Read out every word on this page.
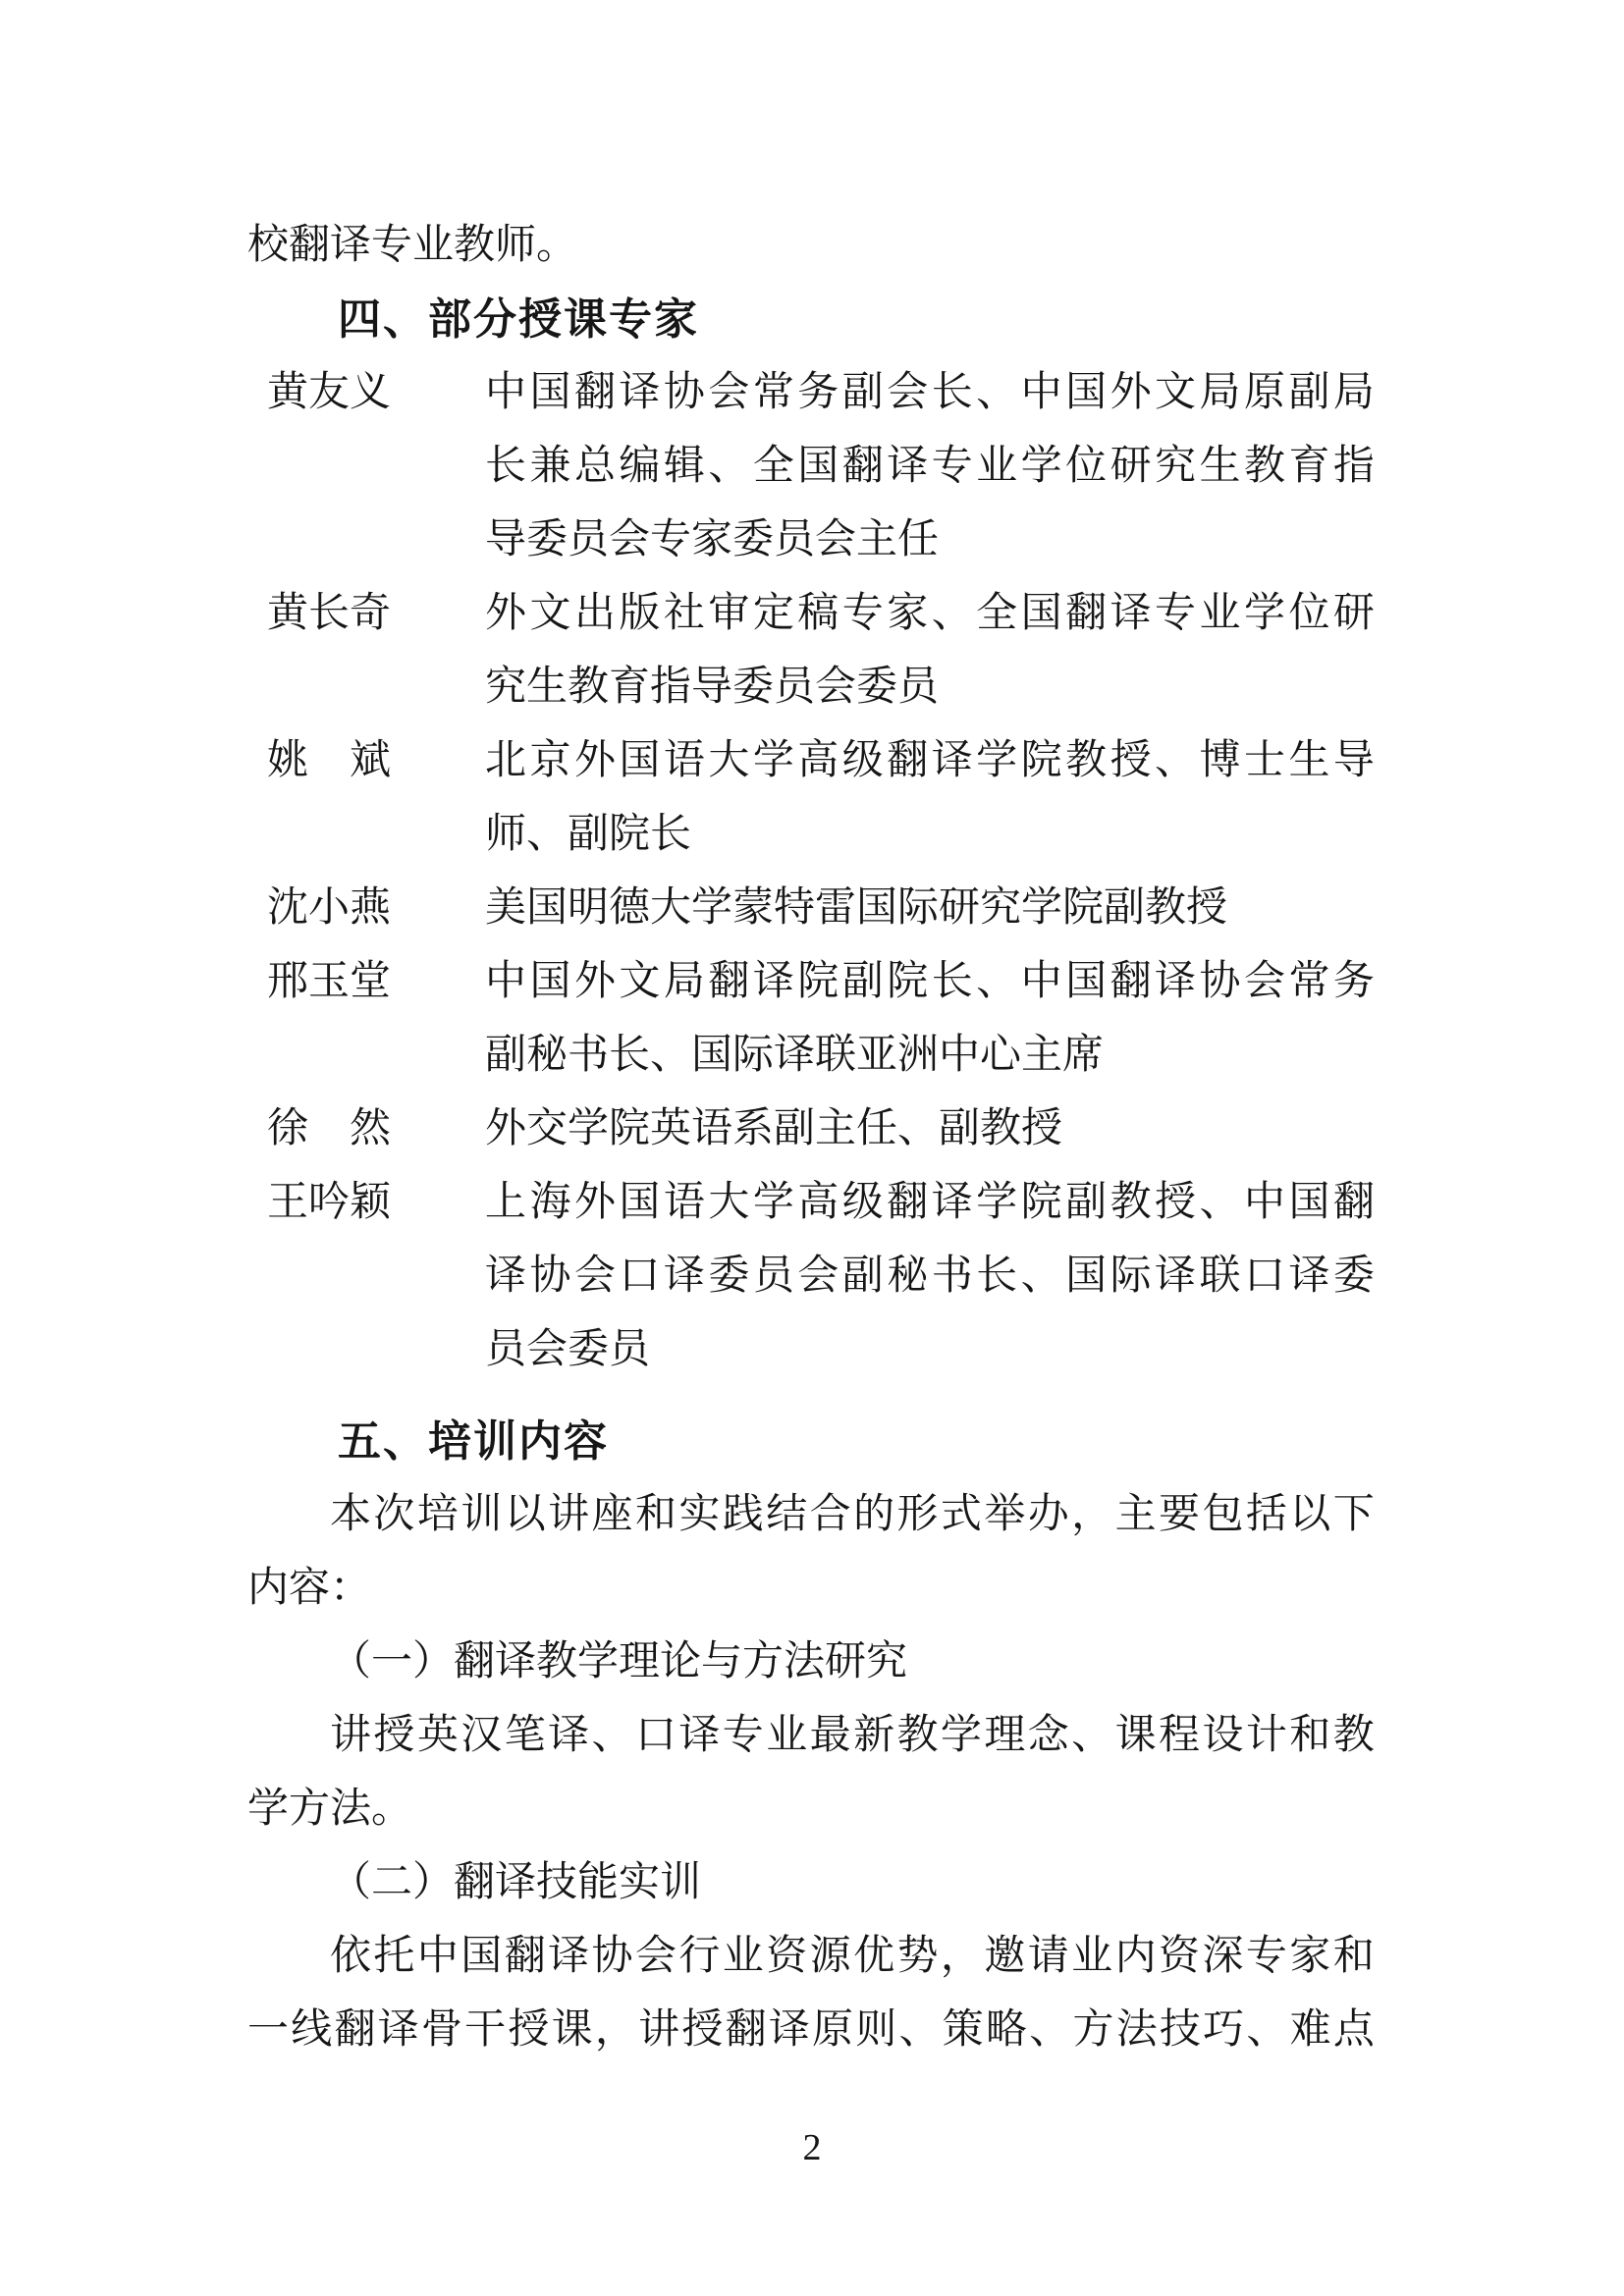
校翻译专业教师。
四、部分授课专家
黄友义 中 国 翻 译 协 会 常 务 副 会 长 、 中 国 外 文 局 原 副 局
长 兼 总 编 辑 、 全 国 翻 译 专 业 学 位 研 究 生 教 育 指
导委员会专家委员会主任
黄长奇 外 文 出 版 社 审 定 稿 专 家 、 全 国 翻 译 专 业 学 位 研
究生教育指导委员会委员
姚　斌 北 京 外 国 语 大 学 高 级 翻 译 学 院 教 授 、 博 士 生 导
师、副院长
沈小燕 美国明德大学蒙特雷国际研究学院副教授
邢玉堂 中 国 外 文 局 翻 译 院 副 院 长 、 中 国 翻 译 协 会 常 务
副秘书长、国际译联亚洲中心主席
徐　然 外交学院英语系副主任、副教授
王吟颖 上 海 外 国 语 大 学 高 级 翻 译 学 院 副 教 授 、 中 国 翻
译 协 会 口 译 委 员 会 副 秘 书 长 、 国 际 译 联 口 译 委
员会委员
五、培训内容
本 次 培 训 以 讲 座 和 实 践 结 合 的 形 式 举 办 ， 主 要 包 括 以 下
内容：
（一）翻译教学理论与方法研究
讲 授 英 汉 笔 译 、 口 译 专 业 最 新 教 学 理 念 、 课 程 设 计 和 教
学方法。
（二）翻译技能实训
依 托 中 国 翻 译 协 会 行 业 资 源 优 势 ， 邀 请 业 内 资 深 专 家 和
一 线 翻 译 骨 干 授 课 ， 讲 授 翻 译 原 则 、 策 略 、 方 法 技 巧 、 难 点
2
